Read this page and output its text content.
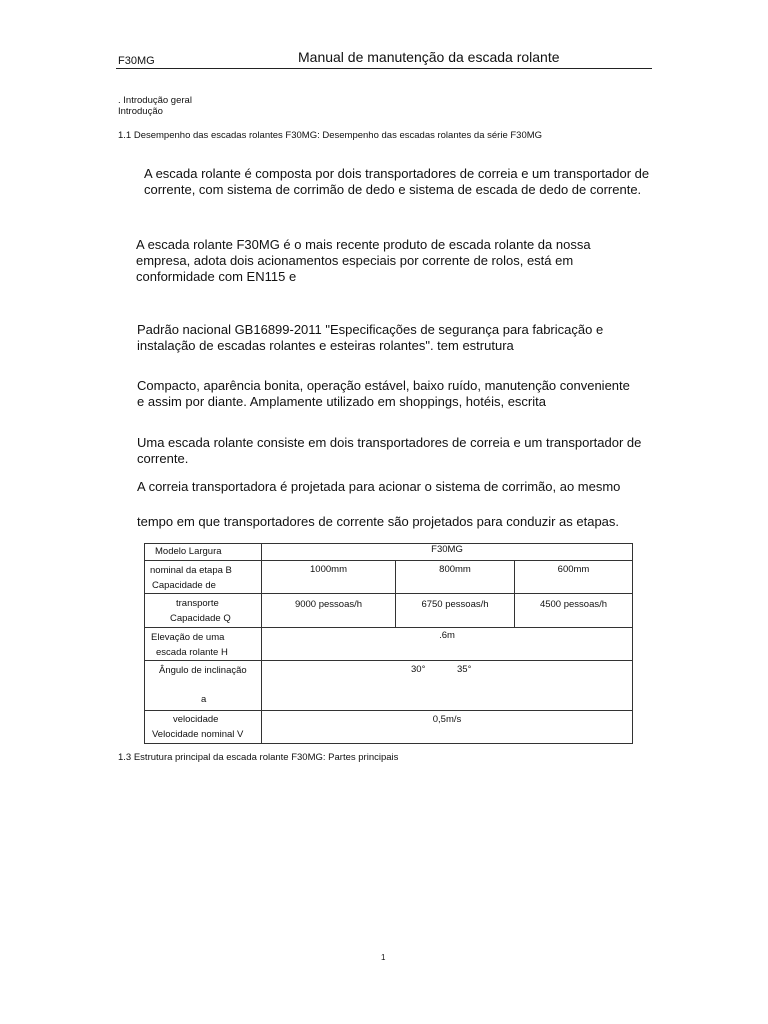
F30MG	Manual de manutenção da escada rolante
. Introdução geral
Introdução
1.1 Desempenho das escadas rolantes F30MG: Desempenho das escadas rolantes da série F30MG
A escada rolante é composta por dois transportadores de correia e um transportador de
corrente, com sistema de corrimão de dedo e sistema de escada de dedo de corrente.
A escada rolante F30MG é o mais recente produto de escada rolante da nossa
empresa, adota dois acionamentos especiais por corrente de rolos, está em
conformidade com EN115 e
Padrão nacional GB16899-2011 "Especificações de segurança para fabricação e
instalação de escadas rolantes e esteiras rolantes". tem estrutura
Compacto, aparência bonita, operação estável, baixo ruído, manutenção conveniente
e assim por diante. Amplamente utilizado em shoppings, hotéis, escrita
Uma escada rolante consiste em dois transportadores de correia e um transportador de
corrente.
A correia transportadora é projetada para acionar o sistema de corrimão, ao mesmo
tempo em que transportadores de corrente são projetados para conduzir as etapas.
Modelo Largura	F30MG		

nominal da etapa B
Capacidade de	1000mm	800mm	600mm

transporte
Capacidade Q	9000 pessoas/h	6750 pessoas/h	4500 pessoas/h

Elevação de uma
escada rolante H	.6m		

Ângulo de inclinação
a	30° 35°		

velocidade
Velocidade nominal V	0,5m/s		
1.3 Estrutura principal da escada rolante F30MG: Partes principais
1
